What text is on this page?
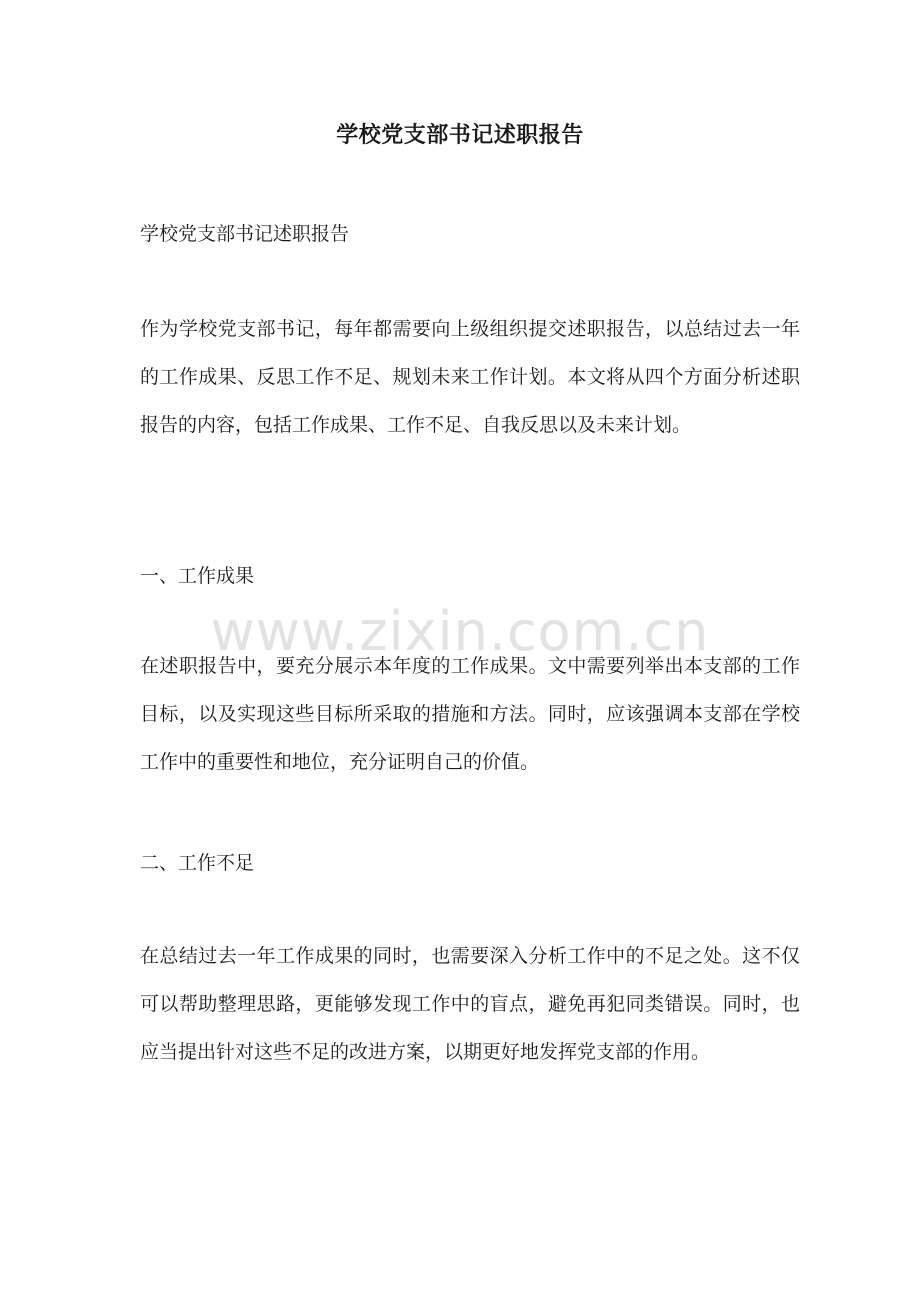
学校党支部书记述职报告

学校党支部书记述职报告

作为学校党支部书记，每年都需要向上级组织提交述职报告，以总结过去一年的工作成果、反思工作不足、规划未来工作计划。本文将从四个方面分析述职报告的内容，包括工作成果、工作不足、自我反思以及未来计划。

一、工作成果

在述职报告中，要充分展示本年度的工作成果。文中需要列举出本支部的工作目标，以及实现这些目标所采取的措施和方法。同时，应该强调本支部在学校工作中的重要性和地位，充分证明自己的价值。

二、工作不足

在总结过去一年工作成果的同时，也需要深入分析工作中的不足之处。这不仅可以帮助整理思路，更能够发现工作中的盲点，避免再犯同类错误。同时，也应当提出针对这些不足的改进方案，以期更好地发挥党支部的作用。

www.zixin.com.cn
